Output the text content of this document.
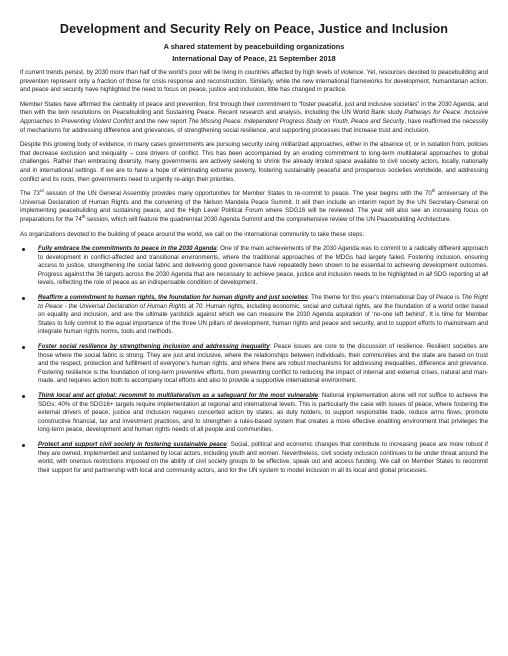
Development and Security Rely on Peace, Justice and Inclusion
A shared statement by peacebuilding organizations
International Day of Peace, 21 September 2018

If current trends persist, by 2030 more than half of the world’s poor will be living in countries affected by high levels of violence. Yet, resources devoted to peacebuilding and prevention represent only a fraction of those for crisis response and reconstruction. Similarly, while the new international frameworks for development, humanitarian action, and peace and security have highlighted the need to focus on peace, justice and inclusion, little has changed in practice.

Member States have affirmed the centrality of peace and prevention, first through their commitment to “foster peaceful, just and inclusive societies” in the 2030 Agenda, and then with the twin resolutions on Peacebuilding and Sustaining Peace. Recent research and analysis, including the UN World Bank study Pathways for Peace: Inclusive Approaches to Preventing Violent Conflict and the new report The Missing Peace: Independent Progress Study on Youth, Peace and Security, have reaffirmed the necessity of mechanisms for addressing difference and grievances, of strengthening social resilience, and supporting processes that increase trust and inclusion.

Despite this growing body of evidence, in many cases governments are pursuing security using militarized approaches, either in the absence of, or in isolation from, policies that decrease exclusion and inequality – core drivers of conflict. This has been accompanied by an eroding commitment to long-term multilateral approaches to global challenges. Rather than embracing diversity, many governments are actively seeking to shrink the already limited space available to civil society actors, locally, nationally and in international settings. If we are to have a hope of eliminating extreme poverty, fostering sustainably peaceful and prosperous societies worldwide, and addressing conflict and its roots, then governments need to urgently re-align their priorities.

The 73rd session of the UN General Assembly provides many opportunities for Member States to re-commit to peace. The year begins with the 70th anniversary of the Universal Declaration of Human Rights and the convening of the Nelson Mandela Peace Summit. It will then include an interim report by the UN Secretary-General on implementing peacebuilding and sustaining peace, and the High Level Political Forum where SDG16 will be reviewed. The year will also see an increasing focus on preparations for the 74th session, which will feature the quadrennial 2030 Agenda Summit and the comprehensive review of the UN Peacebuilding Architecture.

As organizations devoted to the building of peace around the world, we call on the international community to take these steps:

Fully embrace the commitments to peace in the 2030 Agenda: One of the main achievements of the 2030 Agenda was to commit to a radically different approach to development in conflict-affected and transitional environments, where the traditional approaches of the MDGs had largely failed. Fostering inclusion, ensuring access to justice, strengthening the social fabric and delivering good governance have repeatedly been shown to be essential to achieving development outcomes. Progress against the 36 targets across the 2030 Agenda that are necessary to achieve peace, justice and inclusion needs to be highlighted in all SDG reporting at all levels, reflecting the role of peace as an indispensable condition of development.
Reaffirm a commitment to human rights, the foundation for human dignity and just societies: The theme for this year’s International Day of Peace is The Right to Peace - the Universal Declaration of Human Rights at 70. Human rights, including economic, social and cultural rights, are the foundation of a world order based on equality and inclusion, and are the ultimate yardstick against which we can measure the 2030 Agenda aspiration of ‘no-one left behind’. It is time for Member States to fully commit to the equal importance of the three UN pillars of development, human rights and peace and security, and to support efforts to mainstream and integrate human rights norms, tools and methods.
Foster social resilience by strengthening inclusion and addressing inequality: Peace issues are core to the discussion of resilience. Resilient societies are those where the social fabric is strong. They are just and inclusive, where the relationships between individuals, their communities and the state are based on trust and the respect, protection and fulfillment of everyone’s human rights, and where there are robust mechanisms for addressing inequalities, difference and grievance. Fostering resilience is the foundation of long-term preventive efforts, from preventing conflict to reducing the impact of internal and external crises, natural and man-made, and requires action both to accompany local efforts and also to provide a supportive international environment.
Think local and act global: recommit to multilateralism as a safeguard for the most vulnerable: National implementation alone will not suffice to achieve the SDGs: 40% of the SDG16+ targets require implementation at regional and international levels. This is particularly the case with issues of peace, where fostering the external drivers of peace, justice and inclusion requires concerted action by states, as duty holders, to support responsible trade, reduce arms flows, promote constructive financial, tax and investment practices, and to strengthen a rules-based system that creates a more effective enabling environment that privileges the long-term peace, development and human rights needs of all people and communities.
Protect and support civil society in fostering sustainable peace: Social, political and economic changes that contribute to increasing peace are more robust if they are owned, implemented and sustained by local actors, including youth and women. Nevertheless, civil society inclusion continues to be under threat around the world, with onerous restrictions imposed on the ability of civil society groups to be effective, speak out and access funding. We call on Member States to recommit their support for and partnership with local and community actors, and for the UN system to model inclusion in all its local and global processes.
